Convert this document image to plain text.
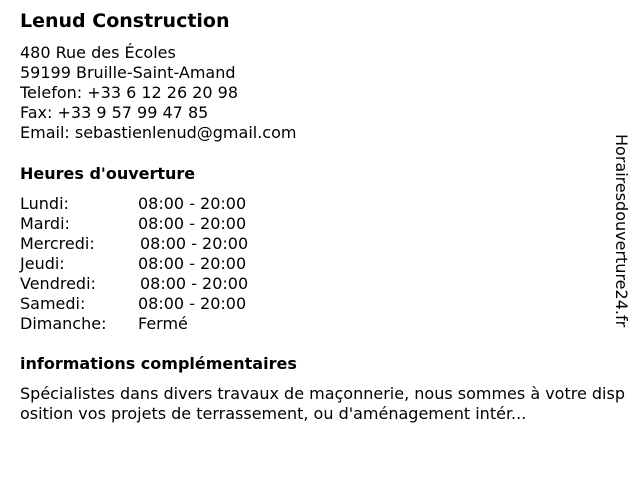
Lenud Construction
480 Rue des Écoles
59199 Bruille-Saint-Amand
Telefon: +33 6 12 26 20 98
Fax: +33 9 57 99 47 85
Email: sebastienlenud@gmail.com
Heures d'ouverture
Lundi:	08:00 - 20:00
Mardi:	08:00 - 20:00
Mercredi:	08:00 - 20:00
Jeudi:	08:00 - 20:00
Vendredi:	08:00 - 20:00
Samedi:	08:00 - 20:00
Dimanche: Fermé
informations complémentaires
Spécialistes dans divers travaux de maçonnerie, nous sommes à votre disposition vos projets de terrassement, ou d'aménagement intér...
Horairesdouverture24.fr
